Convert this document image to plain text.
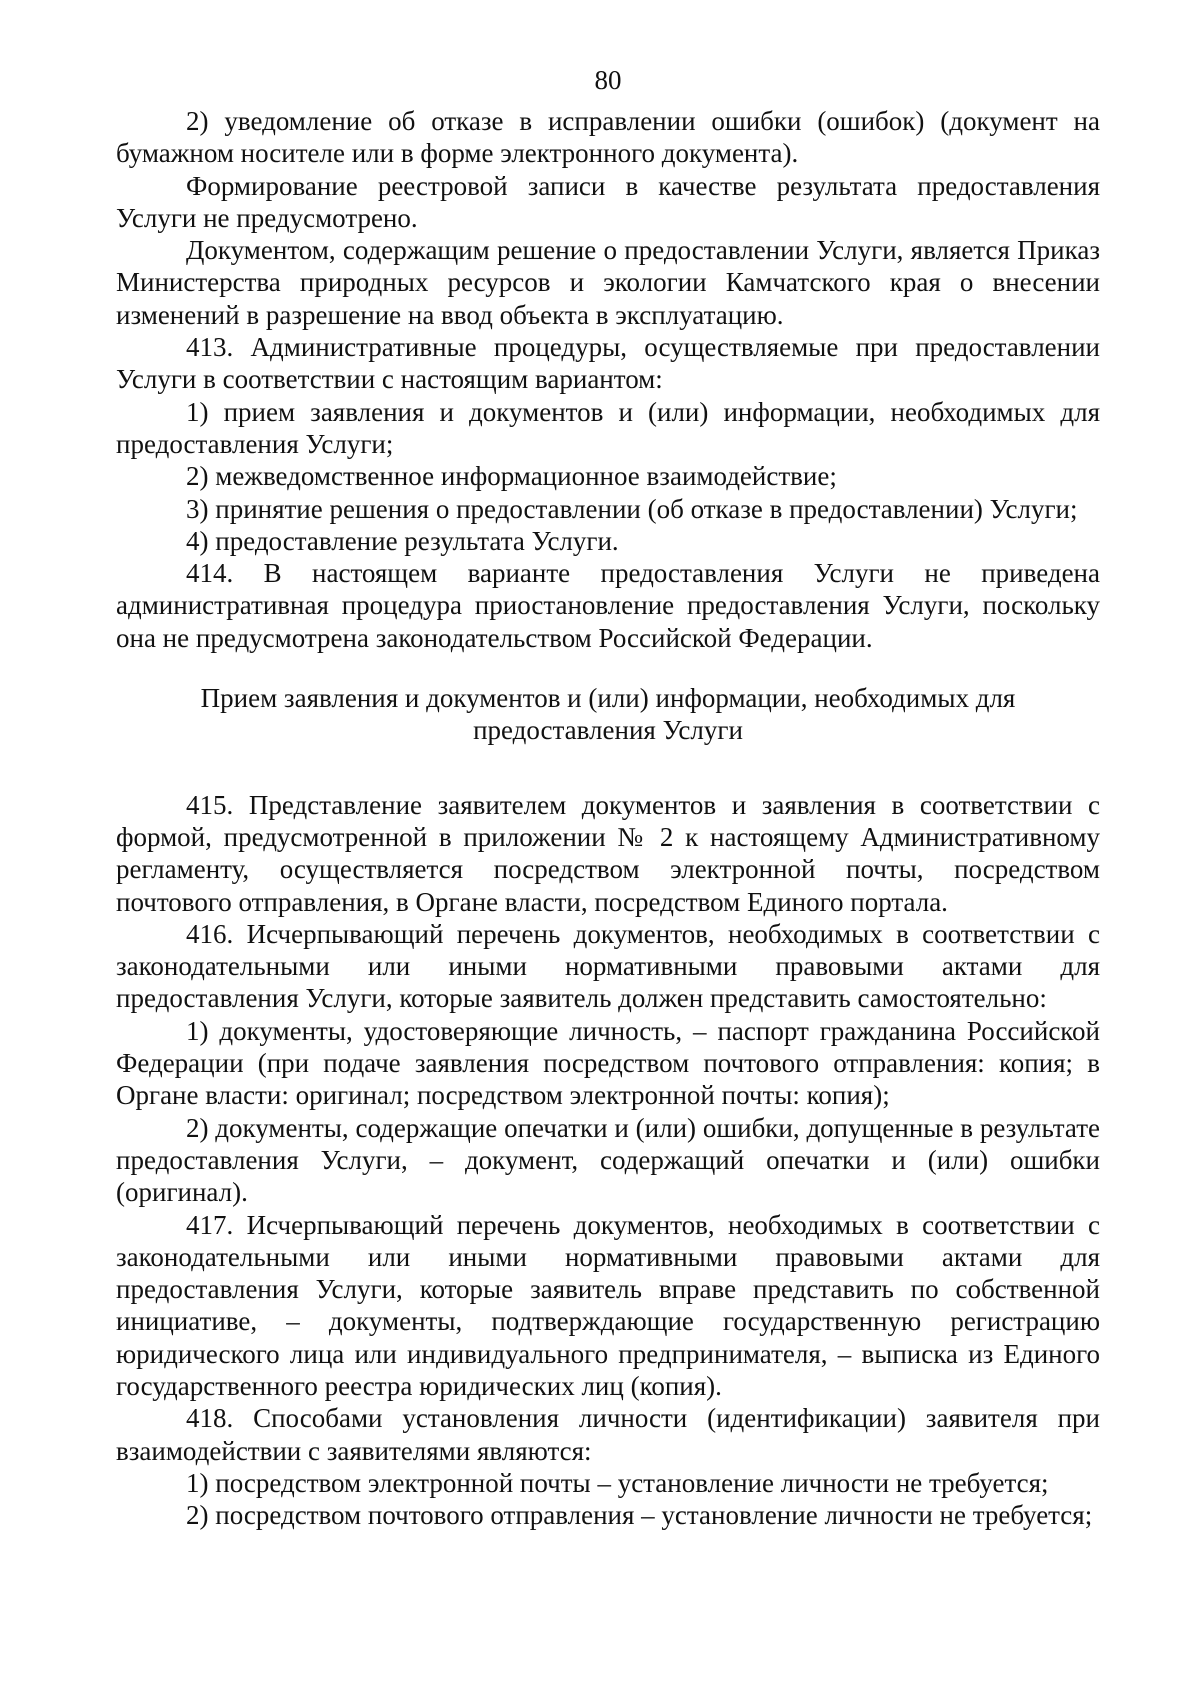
80

2) уведомление об отказе в исправлении ошибки (ошибок) (документ на бумажном носителе или в форме электронного документа).

Формирование реестровой записи в качестве результата предоставления Услуги не предусмотрено.

Документом, содержащим решение о предоставлении Услуги, является Приказ Министерства природных ресурсов и экологии Камчатского края о внесении изменений в разрешение на ввод объекта в эксплуатацию.

413. Административные процедуры, осуществляемые при предоставлении Услуги в соответствии с настоящим вариантом:

1) прием заявления и документов и (или) информации, необходимых для предоставления Услуги;

2) межведомственное информационное взаимодействие;

3) принятие решения о предоставлении (об отказе в предоставлении) Услуги;

4) предоставление результата Услуги.

414. В настоящем варианте предоставления Услуги не приведена административная процедура приостановление предоставления Услуги, поскольку она не предусмотрена законодательством Российской Федерации.

Прием заявления и документов и (или) информации, необходимых для предоставления Услуги

415. Представление заявителем документов и заявления в соответствии с формой, предусмотренной в приложении № 2 к настоящему Административному регламенту, осуществляется посредством электронной почты, посредством почтового отправления, в Органе власти, посредством Единого портала.

416. Исчерпывающий перечень документов, необходимых в соответствии с законодательными или иными нормативными правовыми актами для предоставления Услуги, которые заявитель должен представить самостоятельно:

1) документы, удостоверяющие личность, – паспорт гражданина Российской Федерации (при подаче заявления посредством почтового отправления: копия; в Органе власти: оригинал; посредством электронной почты: копия);

2) документы, содержащие опечатки и (или) ошибки, допущенные в результате предоставления Услуги, – документ, содержащий опечатки и (или) ошибки (оригинал).

417. Исчерпывающий перечень документов, необходимых в соответствии с законодательными или иными нормативными правовыми актами для предоставления Услуги, которые заявитель вправе представить по собственной инициативе, – документы, подтверждающие государственную регистрацию юридического лица или индивидуального предпринимателя, – выписка из Единого государственного реестра юридических лиц (копия).

418. Способами установления личности (идентификации) заявителя при взаимодействии с заявителями являются:

1) посредством электронной почты – установление личности не требуется;

2) посредством почтового отправления – установление личности не требуется;
